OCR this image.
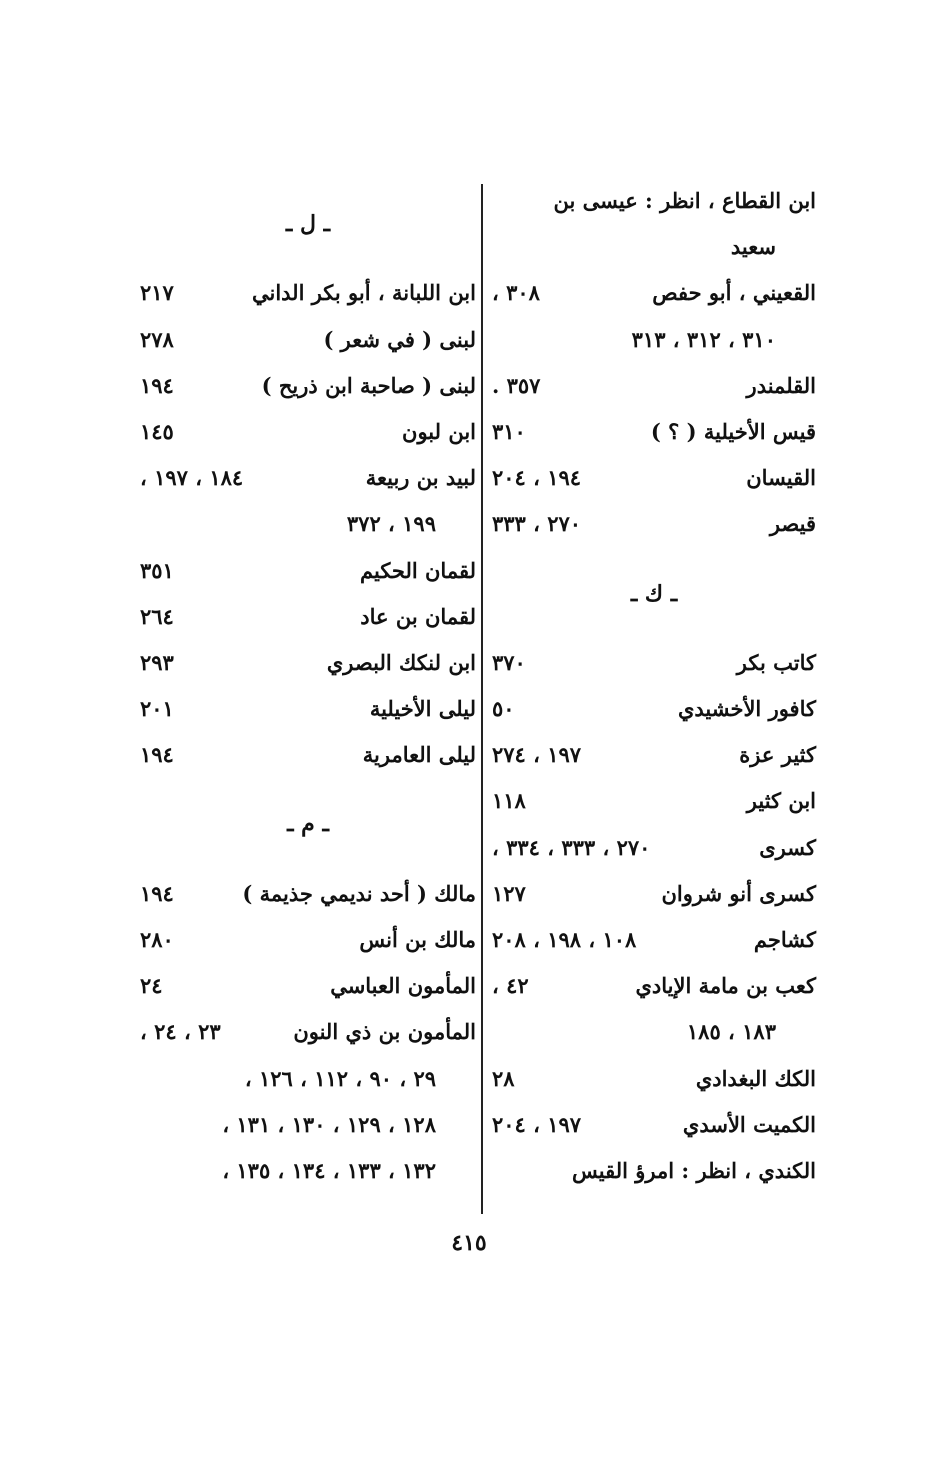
ابن القطاع ، انظر : عيسى بن
سعيد
القعيني ، أبو حفص
٣٠٨ ،
٣١٠ ، ٣١٢ ، ٣١٣
القلمندر
٣٥٧ .
قيس الأخيلية ( ؟ )
٣١٠
القيسان
١٩٤ ، ٢٠٤
قيصر
٢٧٠ ، ٣٣٣
ـ ك ـ
كاتب بكر
٣٧٠
كافور الأخشيدي
٥٠
كثير عزة
١٩٧ ، ٢٧٤
ابن كثير
١١٨
كسرى
٢٧٠ ، ٣٣٣ ، ٣٣٤ ،
كسرى أنو شروان
١٢٧
كشاجم
١٠٨ ، ١٩٨ ، ٢٠٨
كعب بن مامة الإيادي
٤٢ ،
١٨٣ ، ١٨٥
الكك البغدادي
٢٨
الكميت الأسدي
١٩٧ ، ٢٠٤
الكندي ، انظر : امرؤ القيس
ـ ل ـ
ابن اللبانة ، أبو بكر الداني
٢١٧
لبنى ( في شعر )
٢٧٨
لبنى ( صاحبة ابن ذريح )
١٩٤
ابن لبون
١٤٥
لبيد بن ربيعة
١٨٤ ، ١٩٧ ،
١٩٩ ، ٣٧٢
لقمان الحكيم
٣٥١
لقمان بن عاد
٢٦٤
ابن لنكك البصري
٢٩٣
ليلى الأخيلية
٢٠١
ليلى العامرية
١٩٤
ـ م ـ
مالك ( أحد نديمي جذيمة )
١٩٤
مالك بن أنس
٢٨٠
المأمون العباسي
٢٤
المأمون بن ذي النون
٢٣ ، ٢٤ ،
٢٩ ، ٩٠ ، ١١٢ ، ١٢٦ ،
١٢٨ ، ١٢٩ ، ١٣٠ ، ١٣١ ،
١٣٢ ، ١٣٣ ، ١٣٤ ، ١٣٥ ،
٤١٥
